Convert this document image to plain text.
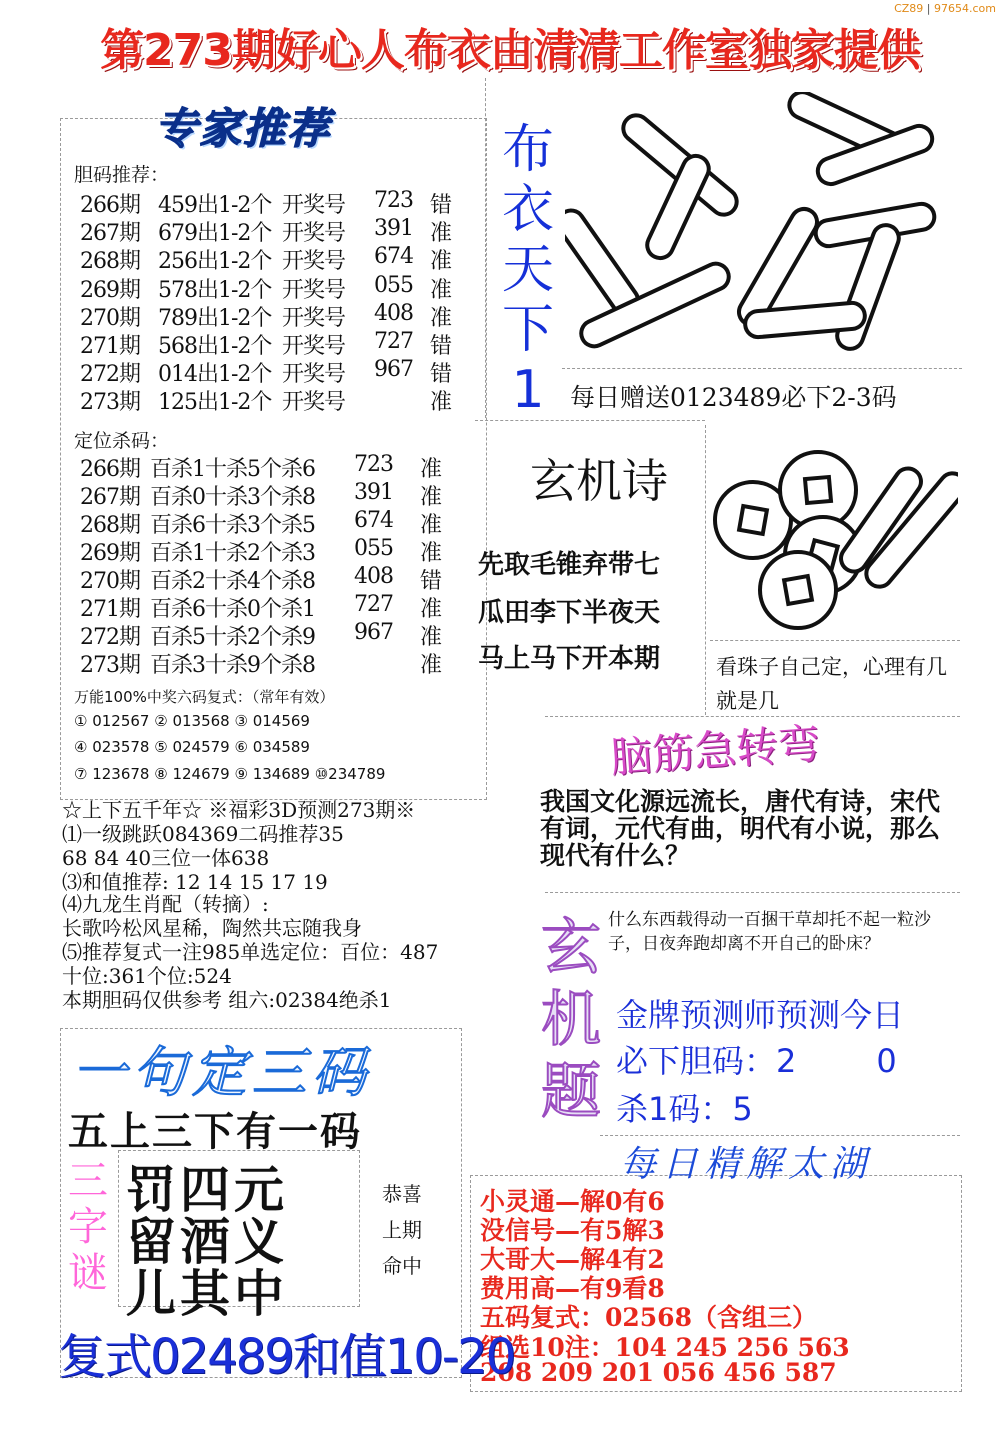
CZ89 | 97654.com
第273期好心人布衣由清清工作室独家提供
专家推荐
胆码推荐：
266期 459出1-2个 开奖号 723 错
267期 679出1-2个 开奖号 391 准
268期 256出1-2个 开奖号 674 准
269期 578出1-2个 开奖号 055 准
270期 789出1-2个 开奖号 408 准
271期 568出1-2个 开奖号 727 错
272期 014出1-2个 开奖号 967 错
273期 125出1-2个 开奖号	准
定位杀码：
266期 百杀1十杀5个杀6 723 准
267期 百杀0十杀3个杀8 391 准
268期 百杀6十杀3个杀5 674 准
269期 百杀1十杀2个杀3 055 准
270期 百杀2十杀4个杀8 408 错
271期 百杀6十杀0个杀1 727 准
272期 百杀5十杀2个杀9 967 准
273期 百杀3十杀9个杀8	准
万能100%中奖六码复式：（常年有效）
① 012567 ② 013568 ③ 014569
④ 023578 ⑤ 024579 ⑥ 034589
⑦ 123678 ⑧ 124679 ⑨ 134689 ⑩234789
☆上下五千年☆ ※福彩3D预测273期※
⑴一级跳跃084369二码推荐35
68 84 40三位一体638
⑶和值推荐: 12 14 15 17 19
⑷九龙生肖配（转摘）:
长歌吟松风星稀，陶然共忘随我身
⑸推荐复式一注985单选定位：百位：487
十位:361个位:524
本期胆码仅供参考 组六:02384绝杀1
布
衣
天
下
1	每日赠送0123489必下2-3码
玄机诗
先取毛锥弃带七
瓜田李下半夜天
马上马下开本期	看珠子自己定，心理有几就是几
脑筋急转弯
我国文化源远流长，唐代有诗，宋代有词，元代有曲，明代有小说，那么现代有什么？
玄
机
题
什么东西载得动一百捆干草却托不起一粒沙子，日夜奔跑却离不开自己的卧床？
金牌预测师预测今日
必下胆码：2	0
杀1码：5
每日精解太湖
小灵通—解0有6
没信号—有5解3
大哥大—解4有2
费用高—有9看8
五码复式：02568（含组三）
组选10注：104 245 256 563
208 209 201 056 456 587
一句定三码
五上三下有一码
三
字
谜
罚四元
留酒义
儿其中
恭喜
上期
命中
复式02489和值10-20
